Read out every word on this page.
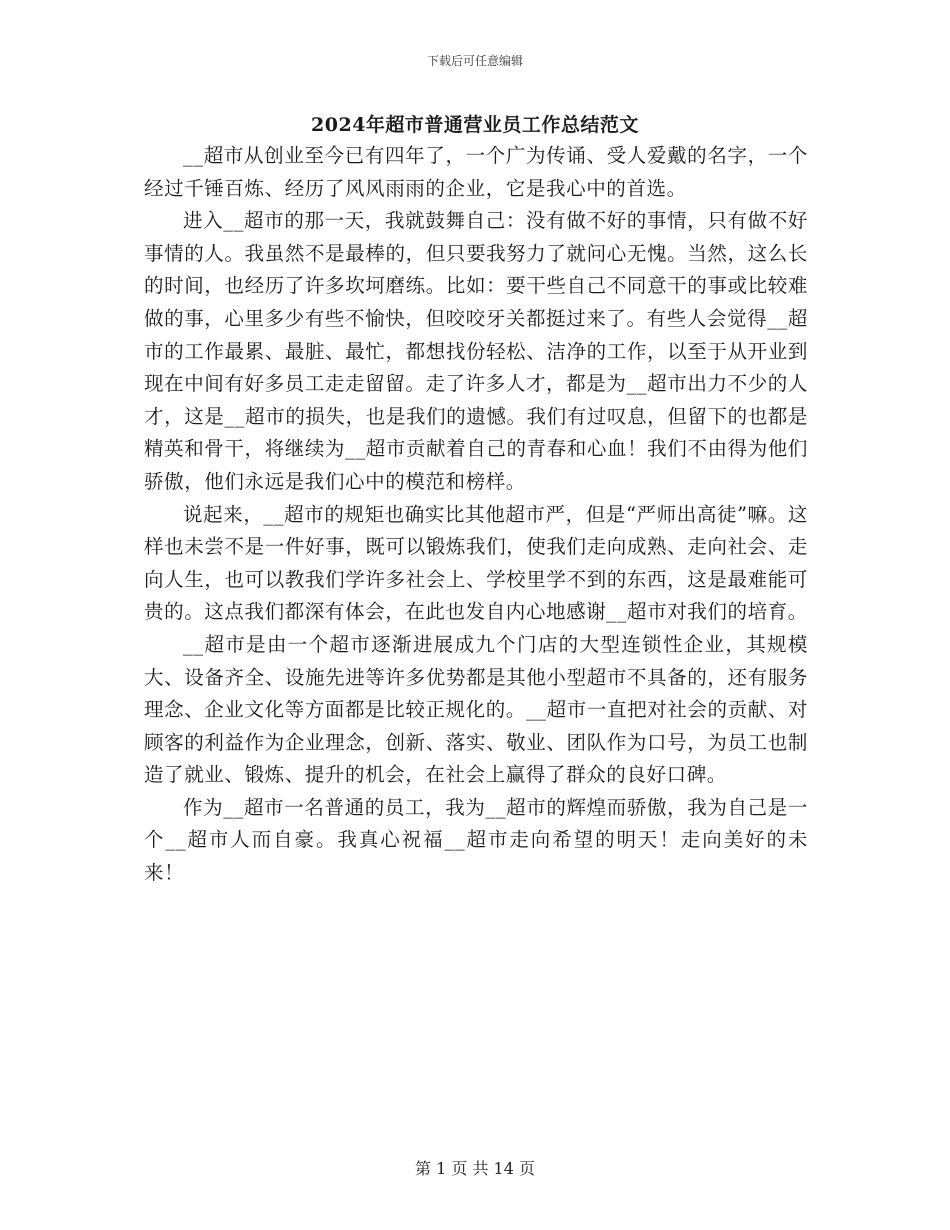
下载后可任意编辑
2024年超市普通营业员工作总结范文

__超市从创业至今已有四年了，一个广为传诵、受人爱戴的名字，一个经过千锤百炼、经历了风风雨雨的企业，它是我心中的首选。

进入__超市的那一天，我就鼓舞自己：没有做不好的事情，只有做不好事情的人。我虽然不是最棒的，但只要我努力了就问心无愧。当然，这么长的时间，也经历了许多坎坷磨练。比如：要干些自己不同意干的事或比较难做的事，心里多少有些不愉快，但咬咬牙关都挺过来了。有些人会觉得__超市的工作最累、最脏、最忙，都想找份轻松、洁净的工作，以至于从开业到现在中间有好多员工走走留留。走了许多人才，都是为__超市出力不少的人才，这是__超市的损失，也是我们的遗憾。我们有过叹息，但留下的也都是精英和骨干，将继续为__超市贡献着自己的青春和心血！我们不由得为他们骄傲，他们永远是我们心中的模范和榜样。

说起来，__超市的规矩也确实比其他超市严，但是“严师出高徒”嘛。这样也未尝不是一件好事，既可以锻炼我们，使我们走向成熟、走向社会、走向人生，也可以教我们学许多社会上、学校里学不到的东西，这是最难能可贵的。这点我们都深有体会，在此也发自内心地感谢__超市对我们的培育。

__超市是由一个超市逐渐进展成九个门店的大型连锁性企业，其规模大、设备齐全、设施先进等许多优势都是其他小型超市不具备的，还有服务理念、企业文化等方面都是比较正规化的。__超市一直把对社会的贡献、对顾客的利益作为企业理念，创新、落实、敬业、团队作为口号，为员工也制造了就业、锻炼、提升的机会，在社会上赢得了群众的良好口碑。

作为__超市一名普通的员工，我为__超市的辉煌而骄傲，我为自己是一个__超市人而自豪。我真心祝福__超市走向希望的明天！走向美好的未来！

第 1 页 共 14 页
